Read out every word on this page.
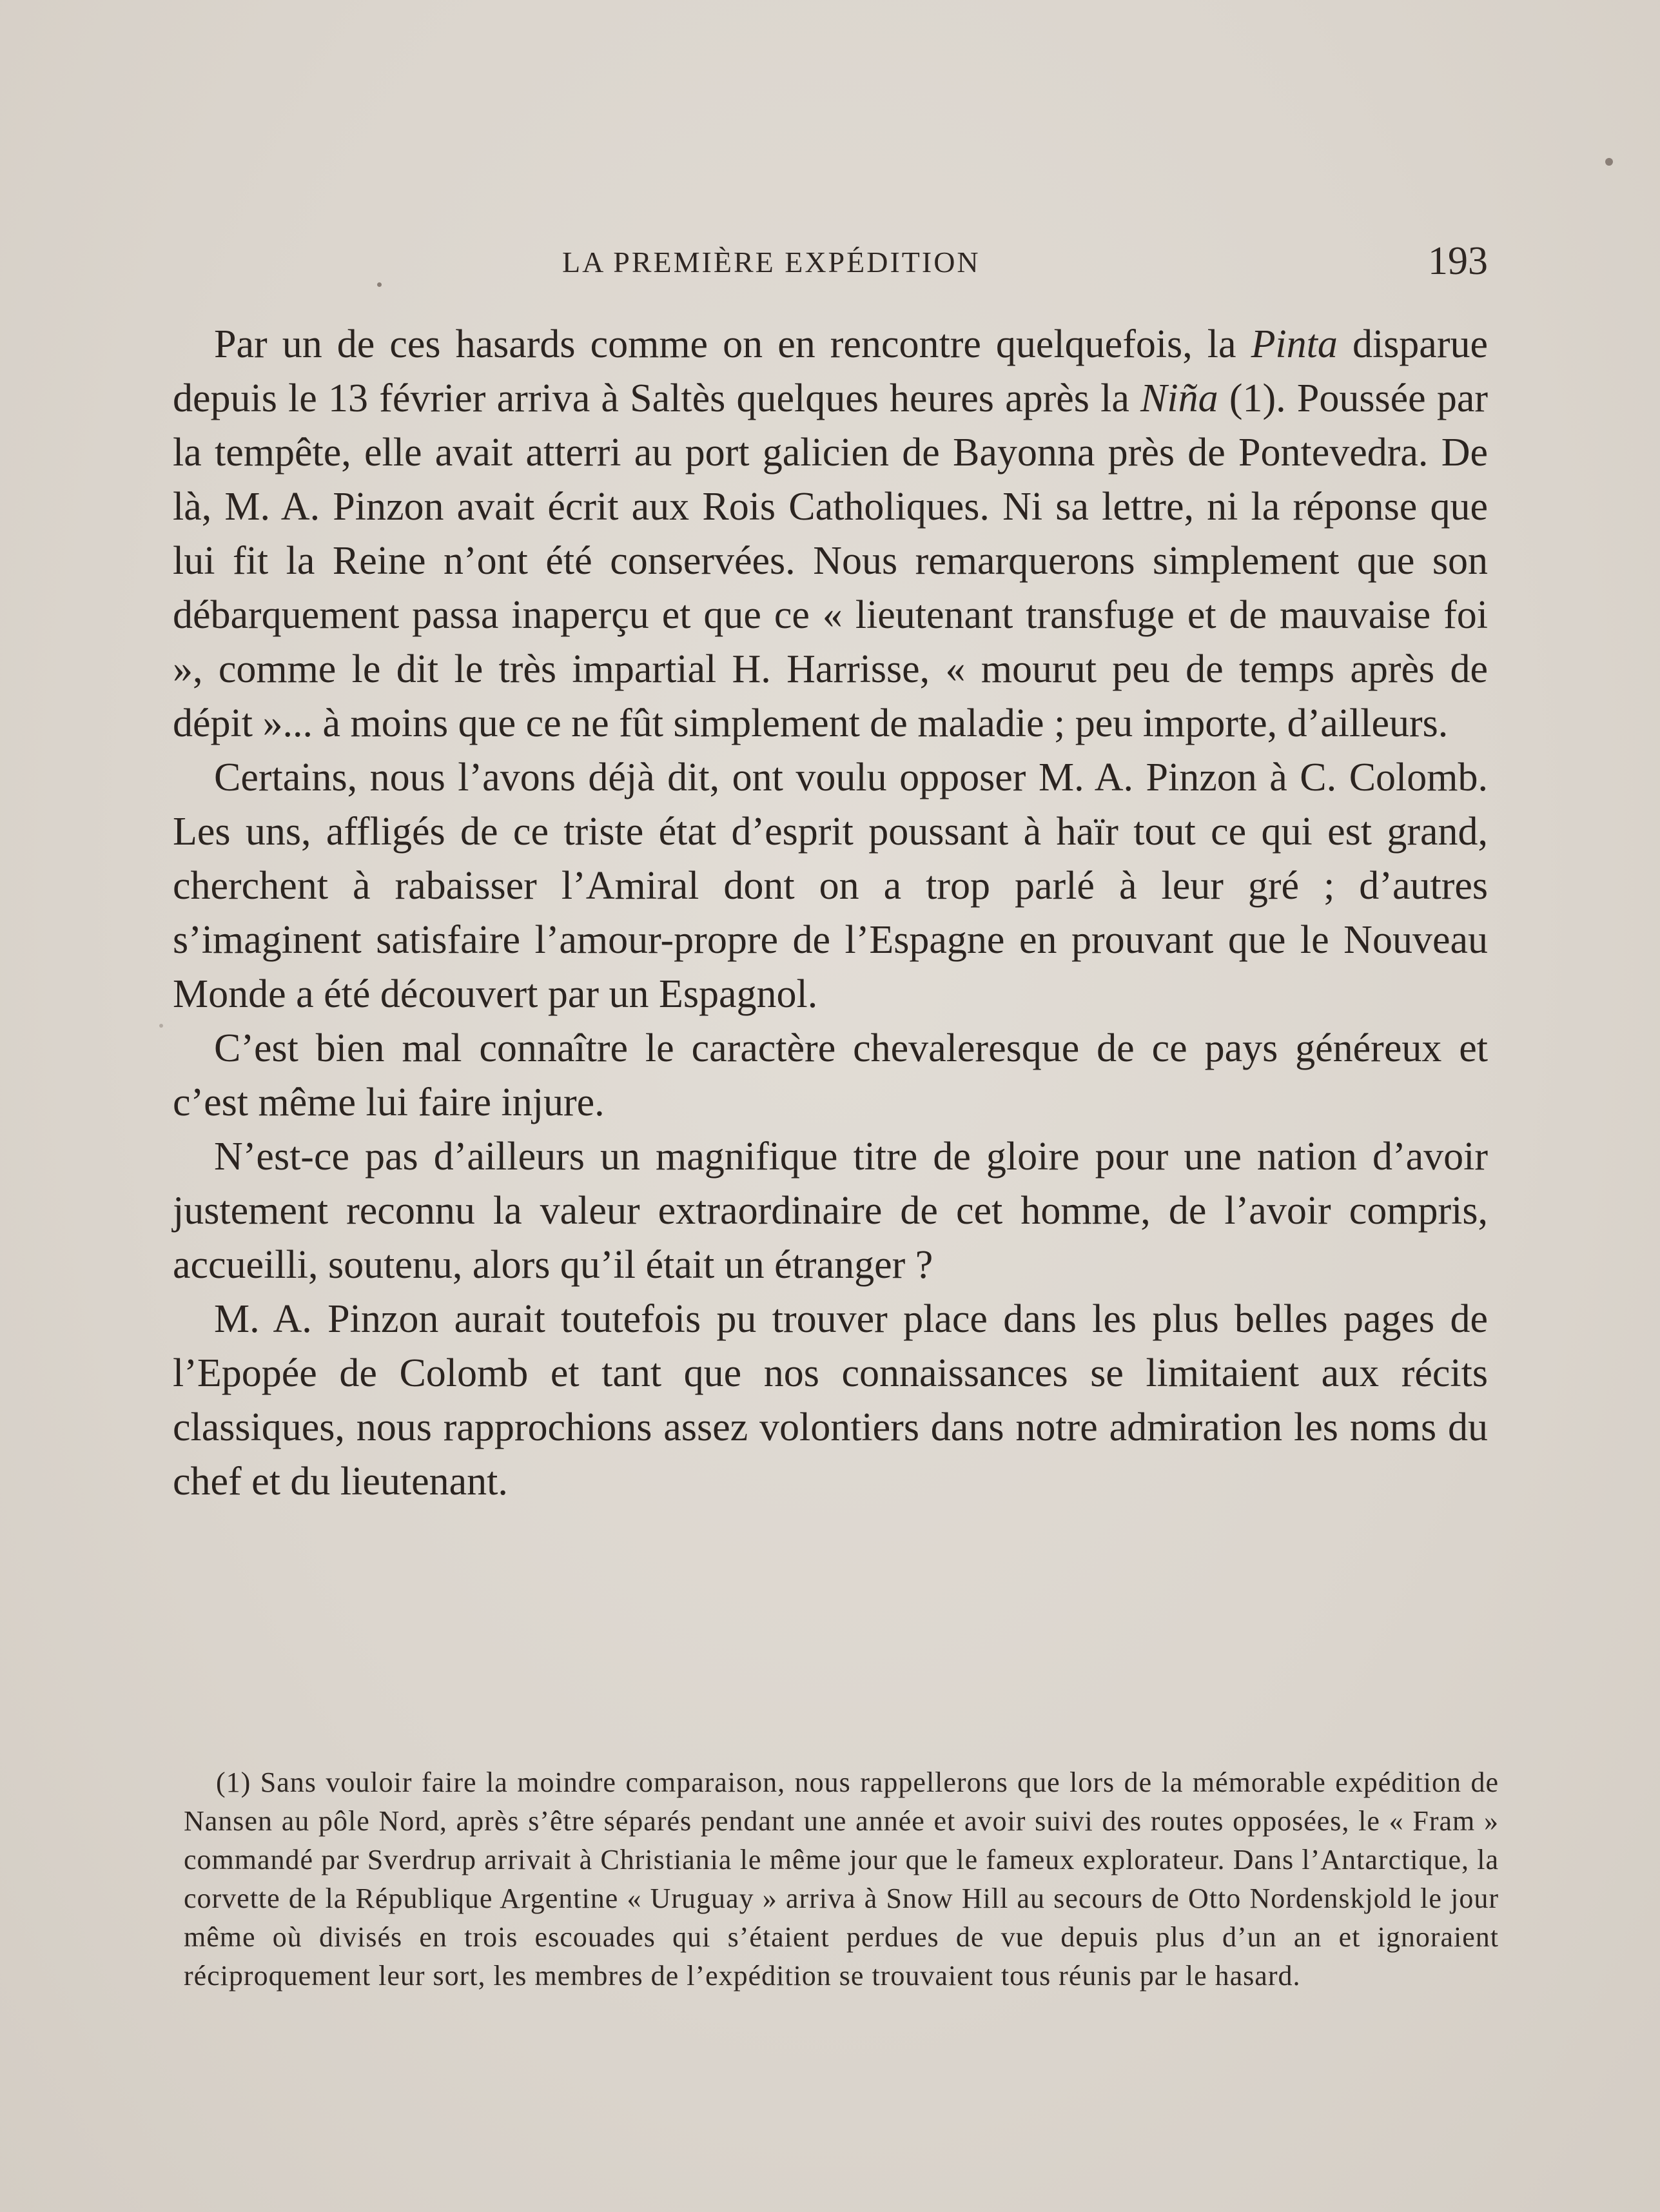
LA PREMIÈRE EXPÉDITION	193

Par un de ces hasards comme on en rencontre quelquefois, la Pinta disparue depuis le 13 février arriva à Saltès quelques heures après la Niña (1). Poussée par la tempête, elle avait atterri au port galicien de Bayonna près de Pontevedra. De là, M. A. Pinzon avait écrit aux Rois Catholiques. Ni sa lettre, ni la réponse que lui fit la Reine n’ont été conservées. Nous remarquerons simplement que son débarquement passa inaperçu et que ce « lieutenant transfuge et de mauvaise foi », comme le dit le très impartial H. Harrisse, « mourut peu de temps après de dépit »... à moins que ce ne fût simplement de maladie ; peu importe, d’ailleurs.

Certains, nous l’avons déjà dit, ont voulu opposer M. A. Pinzon à C. Colomb. Les uns, affligés de ce triste état d’esprit poussant à haïr tout ce qui est grand, cherchent à rabaisser l’Amiral dont on a trop parlé à leur gré ; d’autres s’imaginent satisfaire l’amour-propre de l’Espagne en prouvant que le Nouveau Monde a été découvert par un Espagnol.

C’est bien mal connaître le caractère chevaleresque de ce pays généreux et c’est même lui faire injure.

N’est-ce pas d’ailleurs un magnifique titre de gloire pour une nation d’avoir justement reconnu la valeur extraordinaire de cet homme, de l’avoir compris, accueilli, soutenu, alors qu’il était un étranger ?

M. A. Pinzon aurait toutefois pu trouver place dans les plus belles pages de l’Epopée de Colomb et tant que nos connaissances se limitaient aux récits classiques, nous rapprochions assez volontiers dans notre admiration les noms du chef et du lieutenant.

(1) Sans vouloir faire la moindre comparaison, nous rappellerons que lors de la mémorable expédition de Nansen au pôle Nord, après s’être séparés pendant une année et avoir suivi des routes opposées, le « Fram » commandé par Sverdrup arrivait à Christiania le même jour que le fameux explorateur. Dans l’Antarctique, la corvette de la République Argentine « Uruguay » arriva à Snow Hill au secours de Otto Nordenskjold le jour même où divisés en trois escouades qui s’étaient perdues de vue depuis plus d’un an et ignoraient réciproquement leur sort, les membres de l’expédition se trouvaient tous réunis par le hasard.
